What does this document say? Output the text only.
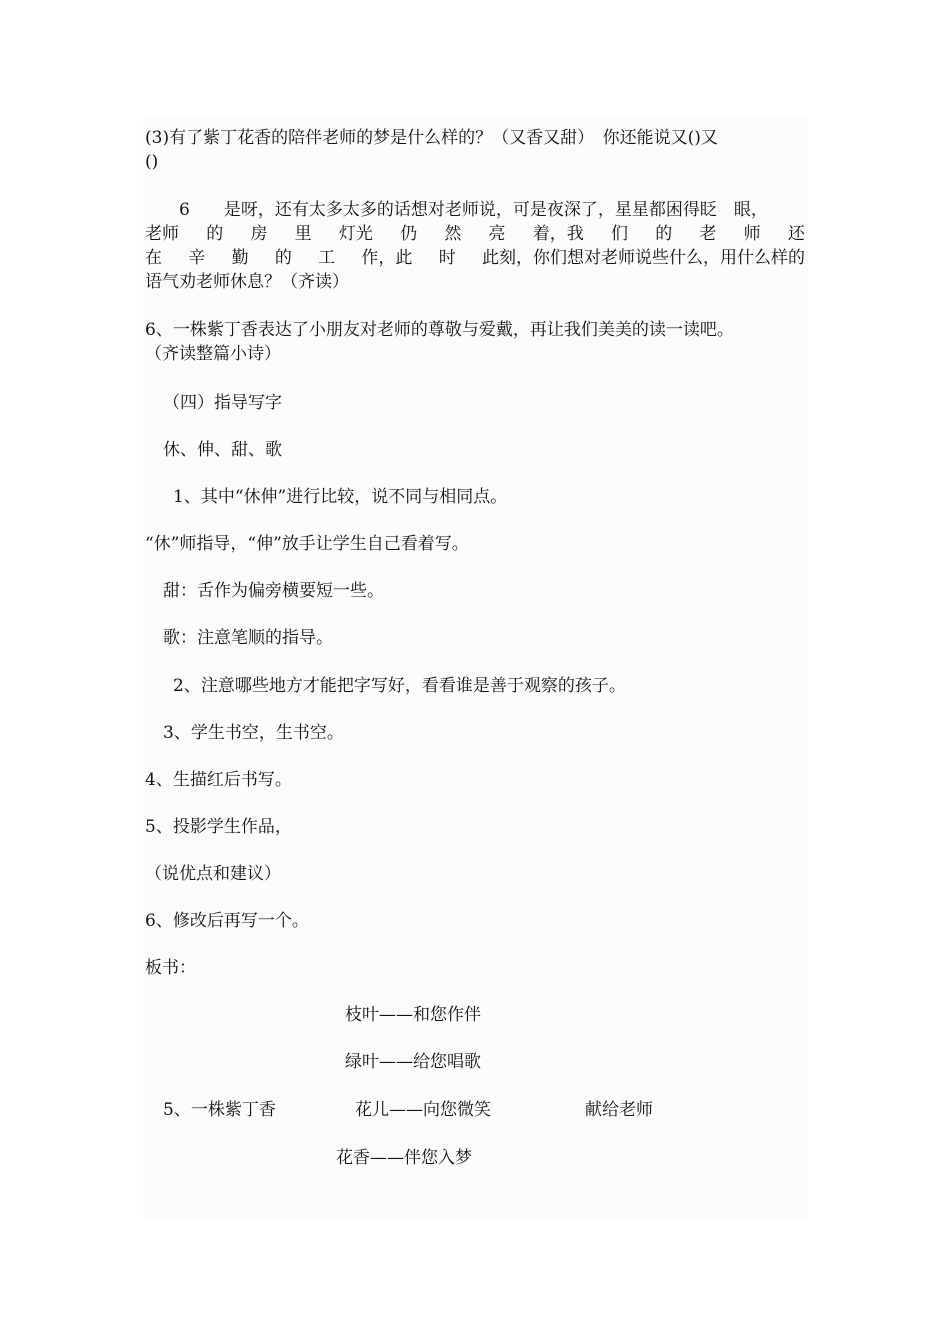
(3)有了紫丁花香的陪伴老师的梦是什么样的？（又香又甜）　你还能说又()又

()

　　6　　是呀，还有太多太多的话想对老师说，可是夜深了，星星都困得眨　眼，

老师 的 房 里 灯光 仍 然 亮 着，我 们 的 老 师 还

在 辛 勤 的 工 作，此 时 此刻，你们想对老师说些什么，用什么样的

语气劝老师休息？（齐读）

6、一株紫丁香表达了小朋友对老师的尊敬与爱戴，再让我们美美的读一读吧。

（齐读整篇小诗）

（四）指导写字

休、伸、甜、歌

1、其中“休伸”进行比较，说不同与相同点。

“休”师指导，“伸”放手让学生自己看着写。

甜：舌作为偏旁横要短一些。

歌：注意笔顺的指导。

2、注意哪些地方才能把字写好，看看谁是善于观察的孩子。

3、学生书空，生书空。

4、生描红后书写。

5、投影学生作品，

（说优点和建议）

6、修改后再写一个。

板书：

枝叶——和您作伴
绿叶——给您唱歌
5、一株紫丁香	花儿——向您微笑	献给老师
花香——伴您入梦
